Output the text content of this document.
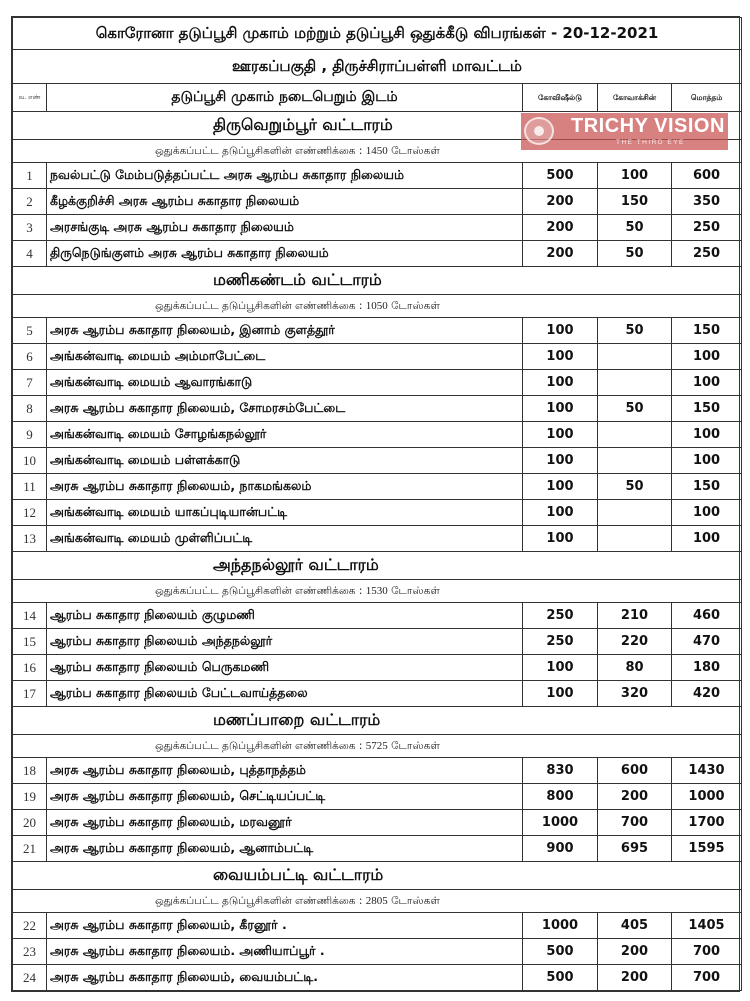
கொரோனா தடுப்பூசி முகாம் மற்றும் தடுப்பூசி ஒதுக்கீடு விபரங்கள் - 20-12-2021				
ஊரகப்பகுதி , திருச்சிராப்பள்ளி மாவட்டம்				
வ. எண்	தடுப்பூசி முகாம் நடைபெறும் இடம்	கோவிஷீல்டு	கோவாக்சின்	மொத்தம்
திருவெறும்பூர் வட்டாரம்				
ஒதுக்கப்பட்ட தடுப்பூசிகளின் எண்ணிக்கை : 1450 டோஸ்கள்				
1	நவல்பட்டு மேம்படுத்தப்பட்ட அரசு ஆரம்ப சுகாதார நிலையம்	500	100	600
2	கீழக்குறிச்சி அரசு ஆரம்ப சுகாதார நிலையம்	200	150	350
3	அரசங்குடி அரசு ஆரம்ப சுகாதார நிலையம்	200	50	250
4	திருநெடுங்குளம் அரசு ஆரம்ப சுகாதார நிலையம்	200	50	250
மணிகண்டம் வட்டாரம்				
ஒதுக்கப்பட்ட தடுப்பூசிகளின் எண்ணிக்கை : 1050 டோஸ்கள்				
5	அரசு ஆரம்ப சுகாதார நிலையம், இனாம் குளத்தூர்	100	50	150
6	அங்கன்வாடி மையம் அம்மாபேட்டை	100		100
7	அங்கன்வாடி மையம் ஆவாரங்காடு	100		100
8	அரசு ஆரம்ப சுகாதார நிலையம், சோமரசம்பேட்டை	100	50	150
9	அங்கன்வாடி மையம் சோழங்கநல்லூர்	100		100
10	அங்கன்வாடி மையம் பள்ளக்காடு	100		100
11	அரசு ஆரம்ப சுகாதார நிலையம், நாகமங்கலம்	100	50	150
12	அங்கன்வாடி மையம் யாகப்புடியான்பட்டி	100		100
13	அங்கன்வாடி மையம் முள்ளிப்பட்டி	100		100
அந்தநல்லூர் வட்டாரம்				
ஒதுக்கப்பட்ட தடுப்பூசிகளின் எண்ணிக்கை : 1530 டோஸ்கள்				
14	ஆரம்ப சுகாதார நிலையம் குழுமணி	250	210	460
15	ஆரம்ப சுகாதார நிலையம் அந்தநல்லூர்	250	220	470
16	ஆரம்ப சுகாதார நிலையம் பெருகமணி	100	80	180
17	ஆரம்ப சுகாதார நிலையம் பேட்டவாய்த்தலை	100	320	420
மணப்பாறை வட்டாரம்				
ஒதுக்கப்பட்ட தடுப்பூசிகளின் எண்ணிக்கை : 5725 டோஸ்கள்				
18	அரசு ஆரம்ப சுகாதார நிலையம், புத்தாநத்தம்	830	600	1430
19	அரசு ஆரம்ப சுகாதார நிலையம், செட்டியப்பட்டி	800	200	1000
20	அரசு ஆரம்ப சுகாதார நிலையம், மரவனூர்	1000	700	1700
21	அரசு ஆரம்ப சுகாதார நிலையம், ஆனாம்பட்டி	900	695	1595
வையம்பட்டி வட்டாரம்				
ஒதுக்கப்பட்ட தடுப்பூசிகளின் எண்ணிக்கை : 2805 டோஸ்கள்				
22	அரசு ஆரம்ப சுகாதார நிலையம், கீரனூர் .	1000	405	1405
23	அரசு ஆரம்ப சுகாதார நிலையம். அணியாப்பூர் .	500	200	700
24	அரசு ஆரம்ப சுகாதார நிலையம், வையம்பட்டி.	500	200	700
TRICHY VISION
THE THIRD EYE
